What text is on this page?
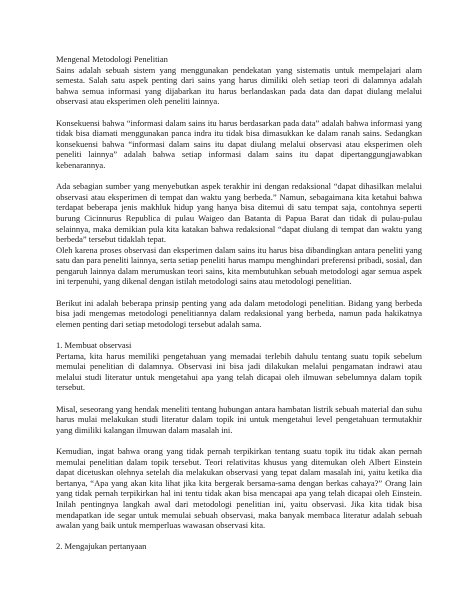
Mengenal Metodologi Penelitian

Sains adalah sebuah sistem yang menggunakan pendekatan yang sistematis untuk mempelajari alam semesta. Salah satu aspek penting dari sains yang harus dimiliki oleh setiap teori di dalamnya adalah bahwa semua informasi yang dijabarkan itu harus berlandaskan pada data dan dapat diulang melalui observasi atau eksperimen oleh peneliti lainnya.

Konsekuensi bahwa “informasi dalam sains itu harus berdasarkan pada data” adalah bahwa informasi yang tidak bisa diamati menggunakan panca indra itu tidak bisa dimasukkan ke dalam ranah sains. Sedangkan konsekuensi bahwa “informasi dalam sains itu dapat diulang melalui observasi atau eksperimen oleh peneliti lainnya” adalah bahwa setiap informasi dalam sains itu dapat dipertanggungjawabkan kebenarannya.

Ada sebagian sumber yang menyebutkan aspek terakhir ini dengan redaksional “dapat dihasilkan melalui observasi atau eksperimen di tempat dan waktu yang berbeda.” Namun, sebagaimana kita ketahui bahwa terdapat beberapa jenis makhluk hidup yang hanya bisa ditemui di satu tempat saja, contohnya seperti burung Cicinnurus Republica di pulau Waigeo dan Batanta di Papua Barat dan tidak di pulau-pulau selainnya, maka demikian pula kita katakan bahwa redaksional “dapat diulang di tempat dan waktu yang berbeda” tersebut tidaklah tepat.

Oleh karena proses observasi dan eksperimen dalam sains itu harus bisa dibandingkan antara peneliti yang satu dan para peneliti lainnya, serta setiap peneliti harus mampu menghindari preferensi pribadi, sosial, dan pengaruh lainnya dalam merumuskan teori sains, kita membutuhkan sebuah metodologi agar semua aspek ini terpenuhi, yang dikenal dengan istilah metodologi sains atau metodologi penelitian.

Berikut ini adalah beberapa prinsip penting yang ada dalam metodologi penelitian. Bidang yang berbeda bisa jadi mengemas metodologi penelitiannya dalam redaksional yang berbeda, namun pada hakikatnya elemen penting dari setiap metodologi tersebut adalah sama.

1. Membuat observasi

Pertama, kita harus memiliki pengetahuan yang memadai terlebih dahulu tentang suatu topik sebelum memulai penelitian di dalamnya. Observasi ini bisa jadi dilakukan melalui pengamatan indrawi atau melalui studi literatur untuk mengetahui apa yang telah dicapai oleh ilmuwan sebelumnya dalam topik tersebut.

Misal, seseorang yang hendak meneliti tentang hubungan antara hambatan listrik sebuah material dan suhu harus mulai melakukan studi literatur dalam topik ini untuk mengetahui level pengetahuan termutakhir yang dimiliki kalangan ilmuwan dalam masalah ini.

Kemudian, ingat bahwa orang yang tidak pernah terpikirkan tentang suatu topik itu tidak akan pernah memulai penelitian dalam topik tersebut. Teori relativitas khusus yang ditemukan oleh Albert Einstein dapat dicetuskan olehnya setelah dia melakukan observasi yang tepat dalam masalah ini, yaitu ketika dia bertanya, “Apa yang akan kita lihat jika kita bergerak bersama-sama dengan berkas cahaya?” Orang lain yang tidak pernah terpikirkan hal ini tentu tidak akan bisa mencapai apa yang telah dicapai oleh Einstein. Inilah pentingnya langkah awal dari metodologi penelitian ini, yaitu observasi. Jika kita tidak bisa mendapatkan ide segar untuk memulai sebuah observasi, maka banyak membaca literatur adalah sebuah awalan yang baik untuk memperluas wawasan observasi kita.

2. Mengajukan pertanyaan
